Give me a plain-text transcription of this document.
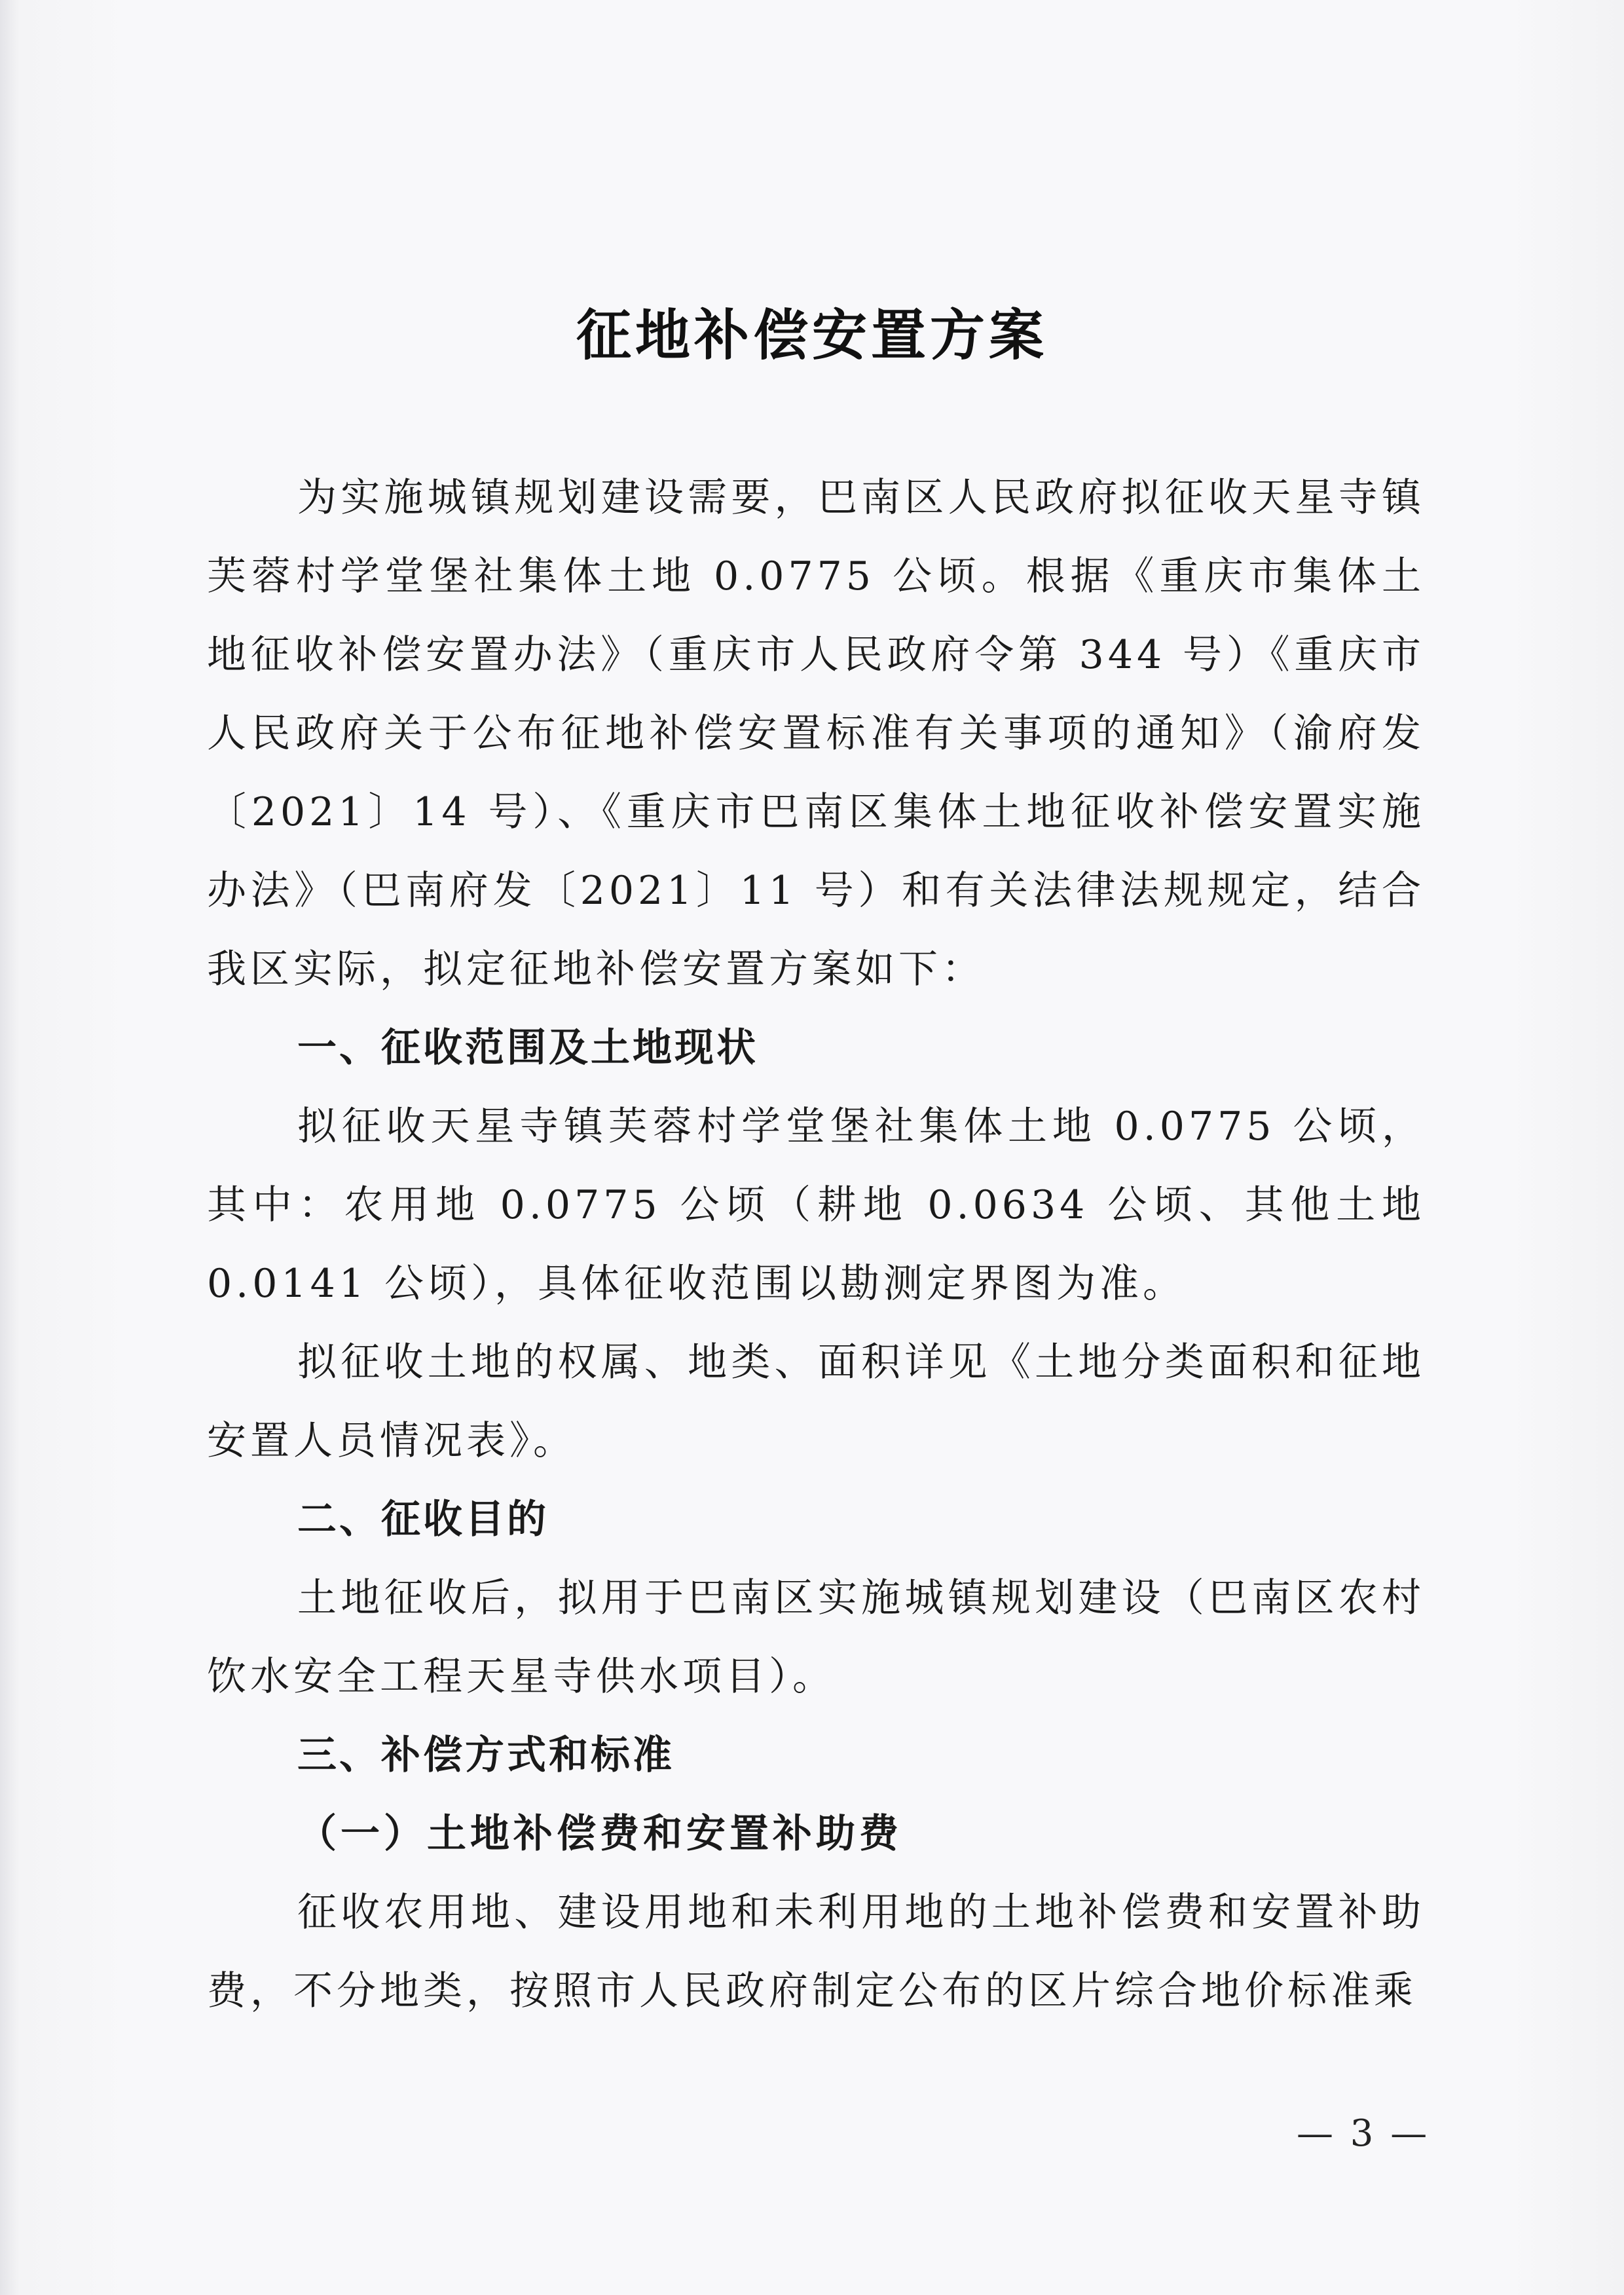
征地补偿安置方案

为实施城镇规划建设需要，巴南区人民政府拟征收天星寺镇芙蓉村学堂堡社集体土地 0.0775 公顷。根据《重庆市集体土地征收补偿安置办法》（重庆市人民政府令第 344 号）《重庆市人民政府关于公布征地补偿安置标准有关事项的通知》（渝府发〔2021〕14 号）、《重庆市巴南区集体土地征收补偿安置实施办法》（巴南府发〔2021〕11 号）和有关法律法规规定，结合我区实际，拟定征地补偿安置方案如下：

一、征收范围及土地现状

拟征收天星寺镇芙蓉村学堂堡社集体土地 0.0775 公顷，其中：农用地 0.0775 公顷（耕地 0.0634 公顷、其他土地 0.0141 公顷），具体征收范围以勘测定界图为准。

拟征收土地的权属、地类、面积详见《土地分类面积和征地安置人员情况表》。

二、征收目的

土地征收后，拟用于巴南区实施城镇规划建设（巴南区农村饮水安全工程天星寺供水项目）。

三、补偿方式和标准

（一）土地补偿费和安置补助费

征收农用地、建设用地和未利用地的土地补偿费和安置补助费，不分地类，按照市人民政府制定公布的区片综合地价标准乘

— 3 —
